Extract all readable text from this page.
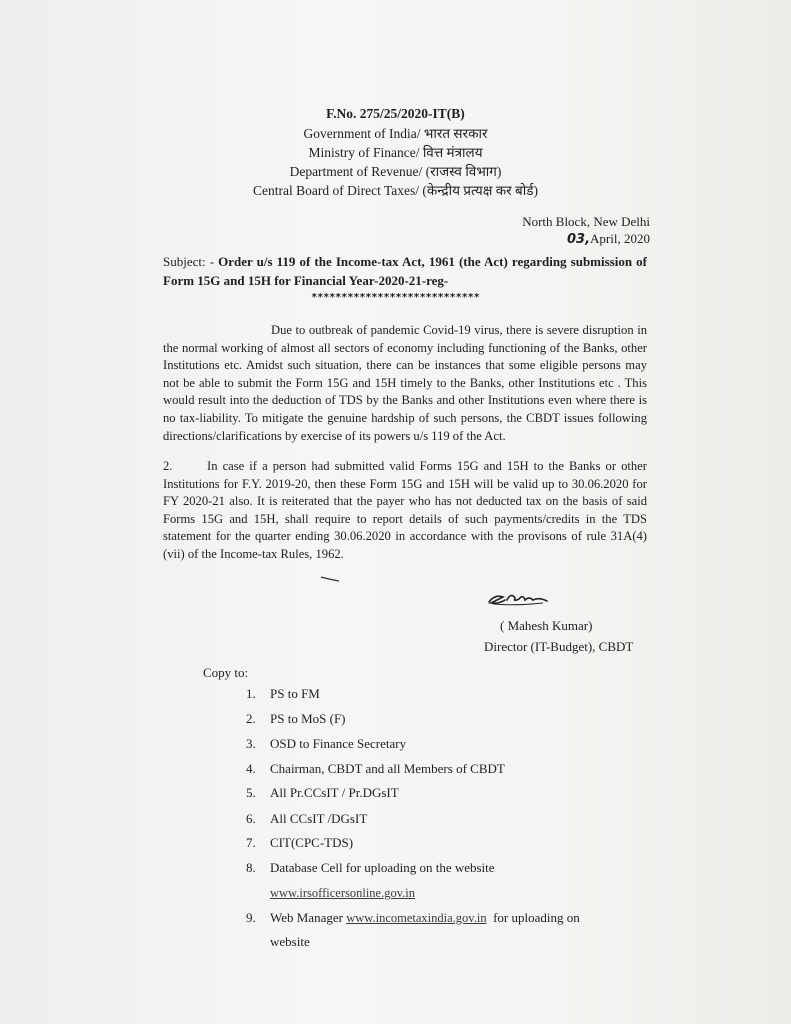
F.No. 275/25/2020-IT(B)
Government of India/ भारत सरकार
Ministry of Finance/ वित्त मंत्रालय
Department of Revenue/ (राजस्व विभाग)
Central Board of Direct Taxes/ (केन्द्रीय प्रत्यक्ष कर बोर्ड)
North Block, New Delhi
03,April, 2020
Subject: - Order u/s 119 of the Income-tax Act, 1961 (the Act) regarding submission of Form 15G and 15H for Financial Year-2020-21-reg-
****************************
Due to outbreak of pandemic Covid-19 virus, there is severe disruption in the normal working of almost all sectors of economy including functioning of the Banks, other Institutions etc. Amidst such situation, there can be instances that some eligible persons may not be able to submit the Form 15G and 15H timely to the Banks, other Institutions etc . This would result into the deduction of TDS by the Banks and other Institutions even where there is no tax-liability. To mitigate the genuine hardship of such persons, the CBDT issues following directions/clarifications by exercise of its powers u/s 119 of the Act.
2.	In case if a person had submitted valid Forms 15G and 15H to the Banks or other Institutions for F.Y. 2019-20, then these Form 15G and 15H will be valid up to 30.06.2020 for FY 2020-21 also. It is reiterated that the payer who has not deducted tax on the basis of said Forms 15G and 15H, shall require to report details of such payments/credits in the TDS statement for the quarter ending 30.06.2020 in accordance with the provisons of rule 31A(4)(vii) of the Income-tax Rules, 1962.
( Mahesh Kumar)
Director (IT-Budget), CBDT
Copy to:
1. PS to FM
2. PS to MoS (F)
3. OSD to Finance Secretary
4. Chairman, CBDT and all Members of CBDT
5. All Pr.CCsIT / Pr.DGsIT
6. All CCsIT /DGsIT
7. CIT(CPC-TDS)
8. Database Cell for uploading on the website
9. Web Manager www.incometaxindia.gov.in for uploading on
www.irsofficersonline.gov.in
website
